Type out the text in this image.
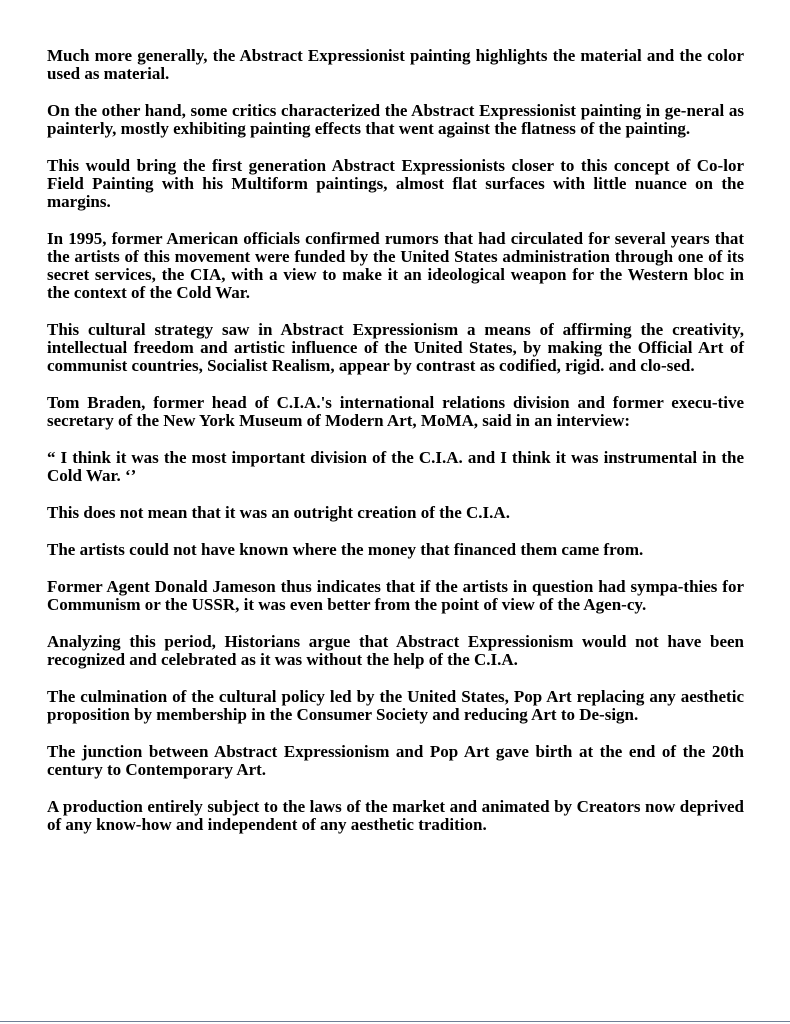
Much more generally, the Abstract Expressionist painting highlights the material and the color used as material.

On the other hand, some critics characterized the Abstract Expressionist painting in ge-neral as painterly, mostly exhibiting painting effects that went against the flatness of the painting.

This would bring the first generation Abstract Expressionists closer to this concept of Co-lor Field Painting with his Multiform paintings, almost flat surfaces with little nuance on the margins.

In 1995, former American officials confirmed rumors that had circulated for several years that the artists of this movement were funded by the United States administration through one of its secret services, the CIA, with a view to make it an ideological weapon for the Western bloc in the context of the Cold War.

This cultural strategy saw in Abstract Expressionism a means of affirming the creativity, intellectual freedom and artistic influence of the United States, by making the Official Art of communist countries, Socialist Realism, appear by contrast as codified, rigid. and clo-sed.

Tom Braden, former head of C.I.A.'s international relations division and former execu-tive secretary of the New York Museum of Modern Art, MoMA, said in an interview:

“ I think it was the most important division of the C.I.A. and I think it was instrumental in the Cold War. ‘’

This does not mean that it was an outright creation of the C.I.A.

The artists could not have known where the money that financed them came from.

Former Agent Donald Jameson thus indicates that if the artists in question had sympa-thies for Communism or the USSR, it was even better from the point of view of the Agen-cy.

Analyzing this period, Historians argue that Abstract Expressionism would not have been recognized and celebrated as it was without the help of the C.I.A.

The culmination of the cultural policy led by the United States, Pop Art replacing any aesthetic proposition by membership in the Consumer Society and reducing Art to De-sign.

The junction between Abstract Expressionism and Pop Art gave birth at the end of the 20th century to Contemporary Art.

A production entirely subject to the laws of the market and animated by Creators now deprived of any know-how and independent of any aesthetic tradition.
